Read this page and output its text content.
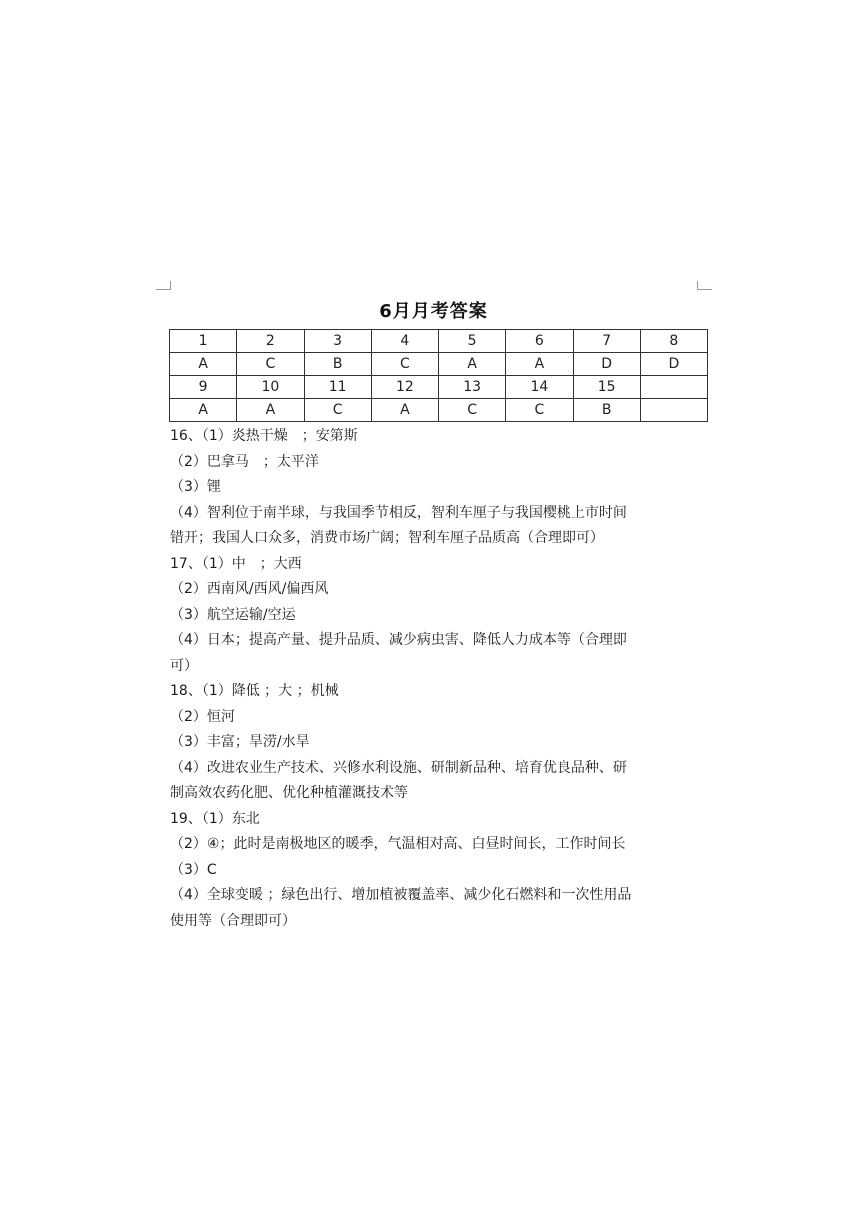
6月月考答案
1	2	3	4	5	6	7	8
A	C	B	C	A	A	D	D
9	10	11	12	13	14	15	
A	A	C	A	C	C	B	
16、（1）炎热干燥　；安第斯
（2）巴拿马　；太平洋
（3）锂
（4）智利位于南半球，与我国季节相反，智利车厘子与我国樱桃上市时间
错开；我国人口众多，消费市场广阔；智利车厘子品质高（合理即可）
17、（1）中　；大西
（2）西南风/西风/偏西风
（3）航空运输/空运
（4）日本；提高产量、提升品质、减少病虫害、降低人力成本等（合理即
可）
18、（1）降低 ；大 ；机械
（2）恒河
（3）丰富；旱涝/水旱
（4）改进农业生产技术、兴修水利设施、研制新品种、培育优良品种、研
制高效农药化肥、优化种植灌溉技术等
19、（1）东北
（2）④；此时是南极地区的暖季，气温相对高、白昼时间长，工作时间长
（3）C
（4）全球变暖 ；绿色出行、增加植被覆盖率、减少化石燃料和一次性用品
使用等（合理即可）
